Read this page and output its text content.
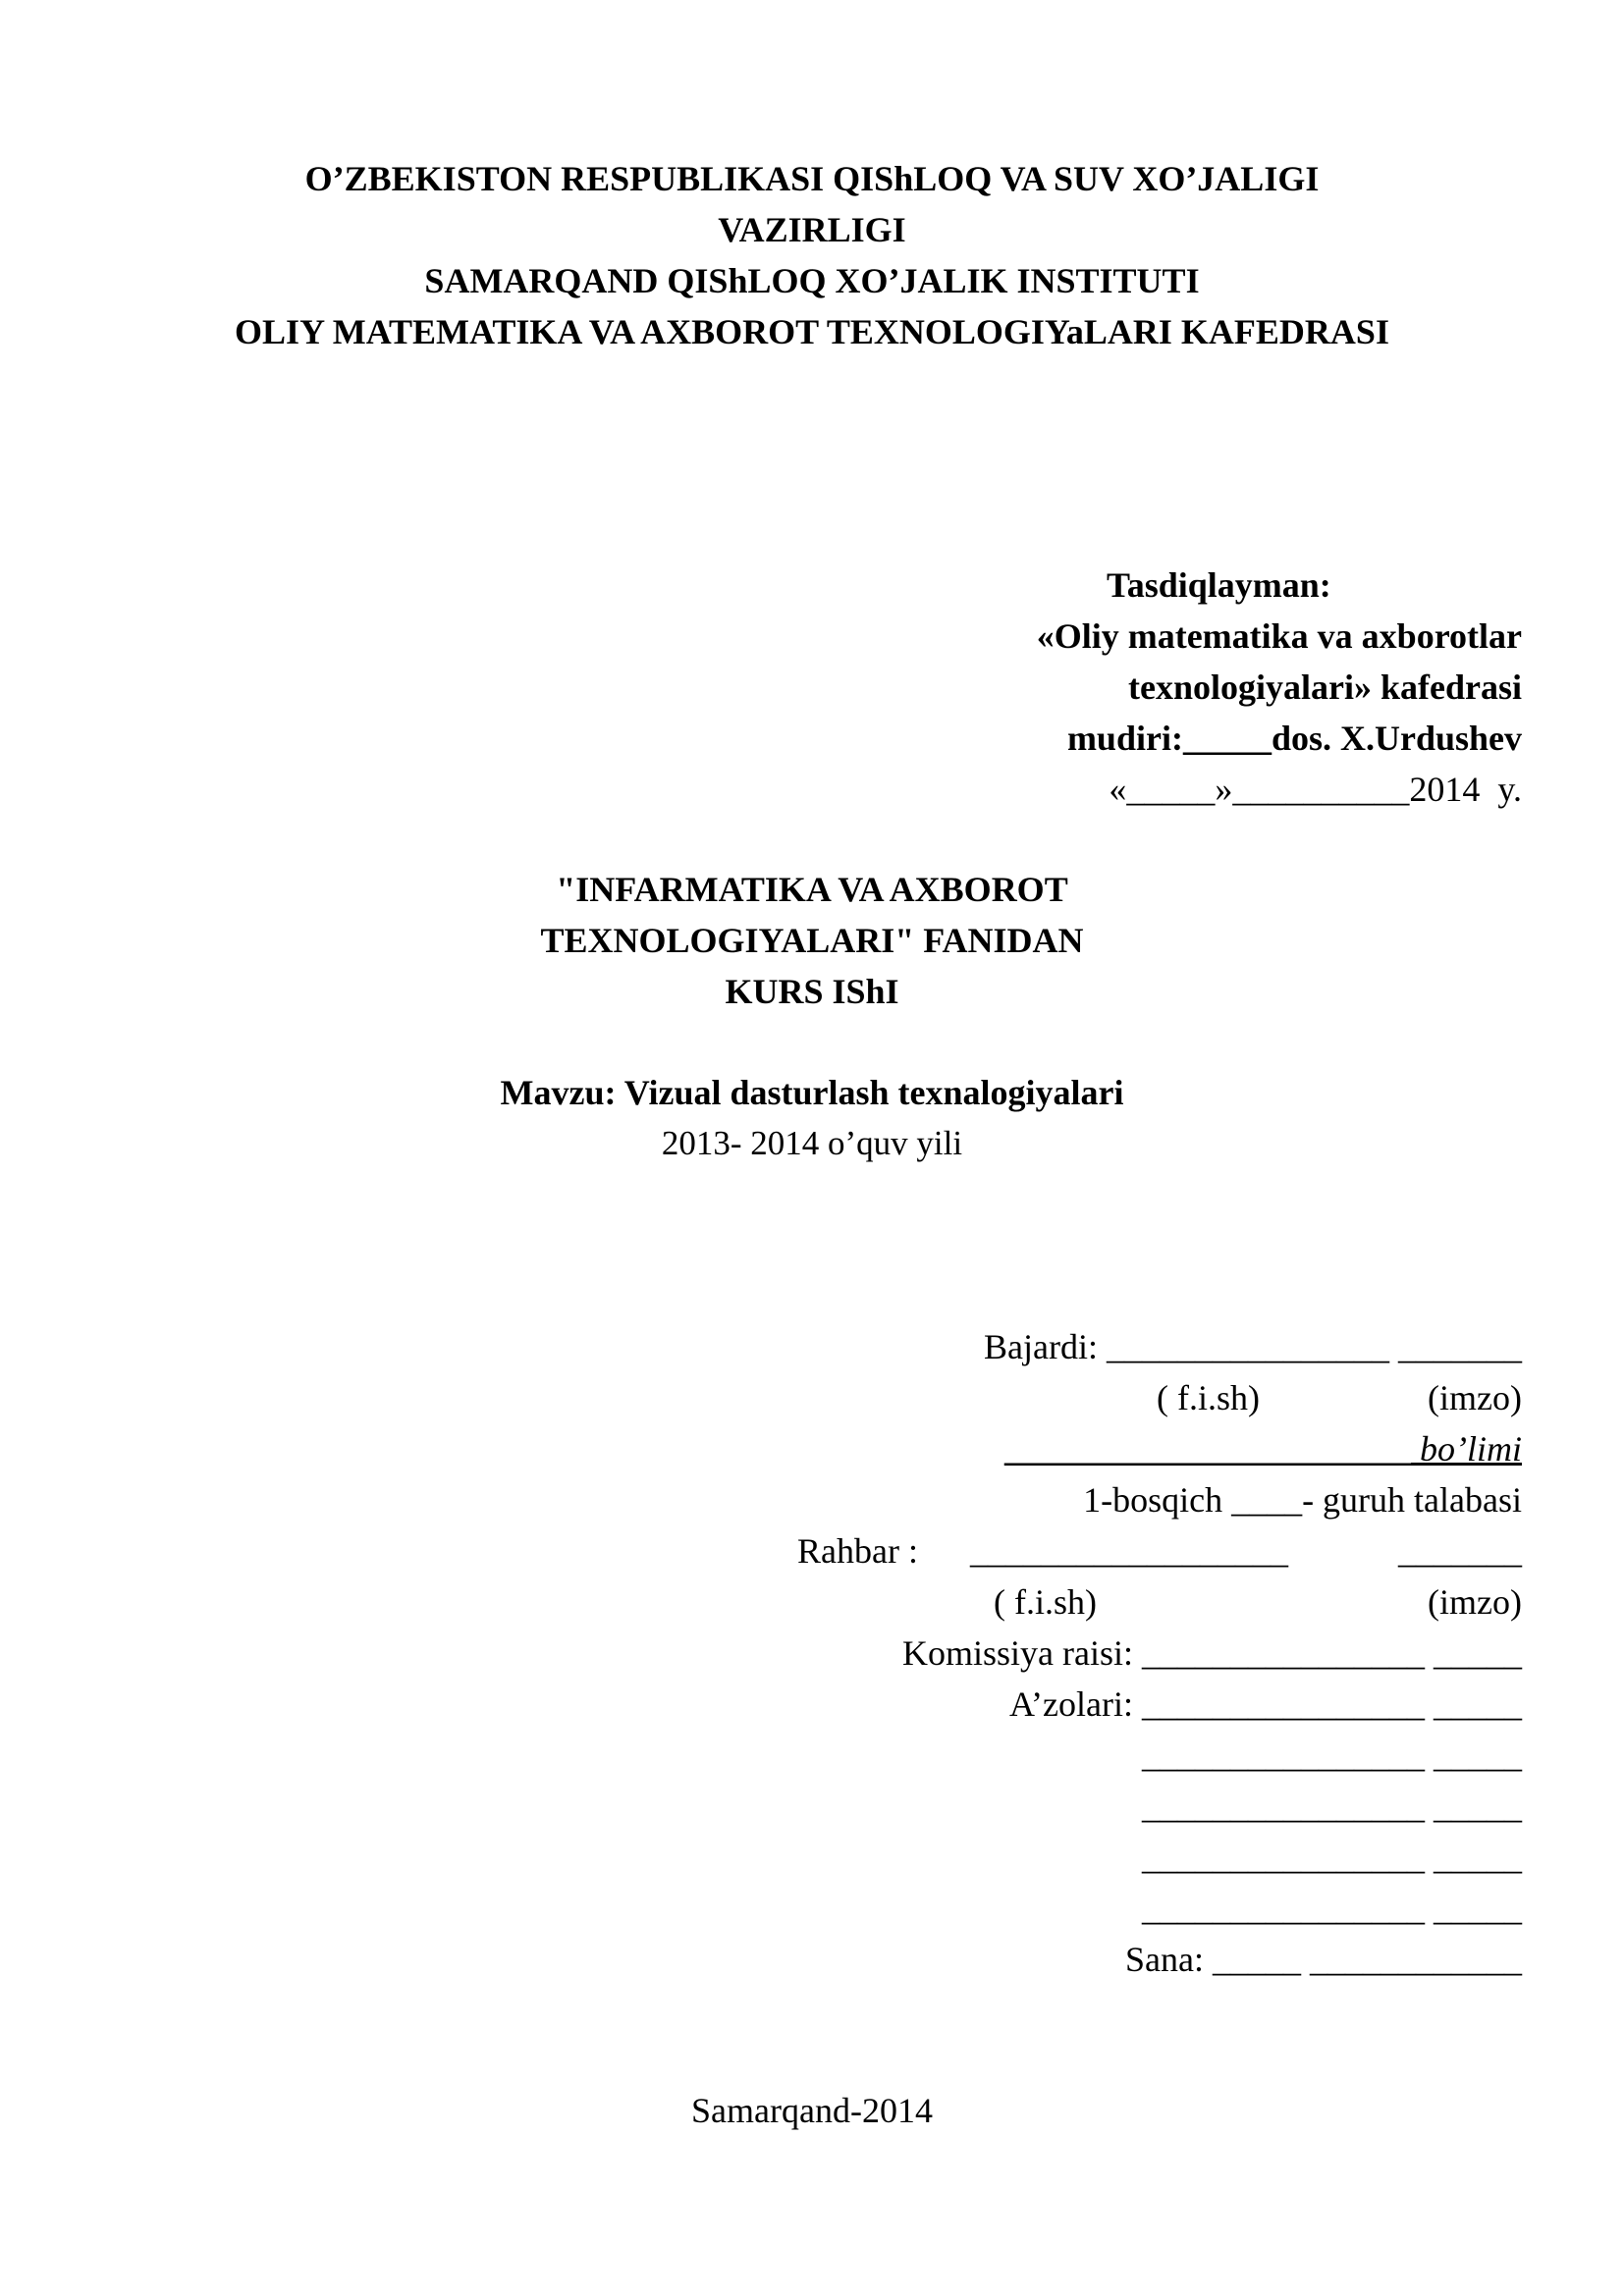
O’ZBEKISTON RESPUBLIKASI QIShLOQ VA SUV XO’JALIGI
VAZIRLIGI
SAMARQAND QIShLOQ XO’JALIK INSTITUTI
OLIY MATEMATIKA VA AXBOROT TEXNOLOGIYaLARI KAFEDRASI
Tasdiqlayman:
«Oliy matematika va axborotlar
texnologiyalari» kafedrasi
mudiri:_____dos. X.Urdushev
«_____»__________2014  y.
"INFARMATIKA VA AXBOROT
TEXNOLOGIYALARI" FANIDAN
KURS IShI
Mavzu: Vizual dasturlash texnalogiyalari
2013- 2014 o’quv yili
Bajardi: ________________ _______
( f.i.sh)	(imzo)
_______________________ bo’limi
1-bosqich ____- guruh talabasi
Rahbar : __________________	_______
( f.i.sh)	(imzo)
Komissiya raisi: ________________ _____
A’zolari: ________________ _____
________________ _____
________________ _____
________________ _____
________________ _____
Sana: _____ ____________
Samarqand-2014
